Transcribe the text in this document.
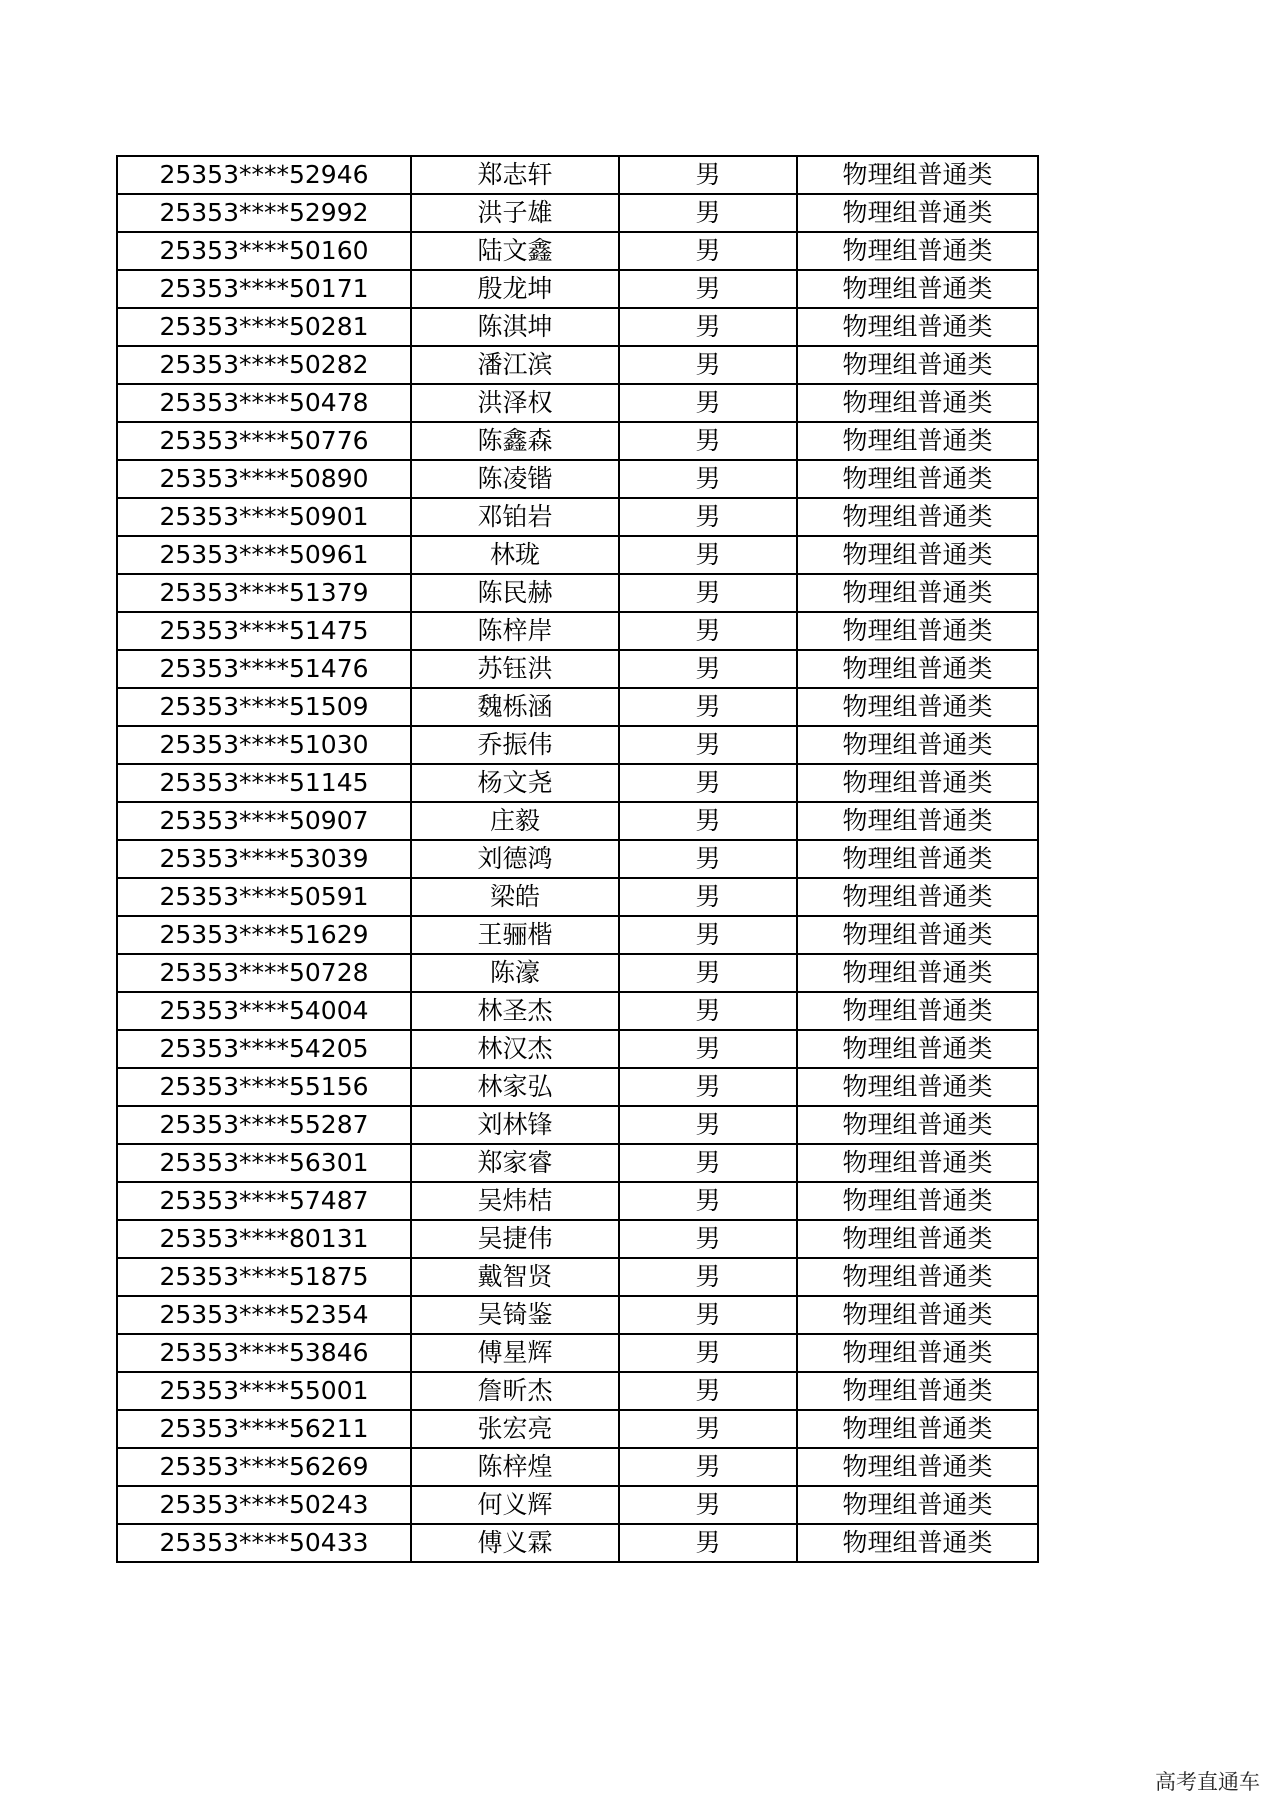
25353****52946	郑志轩	男	物理组普通类
25353****52992	洪子雄	男	物理组普通类
25353****50160	陆文鑫	男	物理组普通类
25353****50171	殷龙坤	男	物理组普通类
25353****50281	陈淇坤	男	物理组普通类
25353****50282	潘江滨	男	物理组普通类
25353****50478	洪泽权	男	物理组普通类
25353****50776	陈鑫森	男	物理组普通类
25353****50890	陈凌锴	男	物理组普通类
25353****50901	邓铂岩	男	物理组普通类
25353****50961	林珑	男	物理组普通类
25353****51379	陈民赫	男	物理组普通类
25353****51475	陈梓岸	男	物理组普通类
25353****51476	苏钰洪	男	物理组普通类
25353****51509	魏栎涵	男	物理组普通类
25353****51030	乔振伟	男	物理组普通类
25353****51145	杨文尧	男	物理组普通类
25353****50907	庄毅	男	物理组普通类
25353****53039	刘德鸿	男	物理组普通类
25353****50591	梁皓	男	物理组普通类
25353****51629	王骊楷	男	物理组普通类
25353****50728	陈濠	男	物理组普通类
25353****54004	林圣杰	男	物理组普通类
25353****54205	林汉杰	男	物理组普通类
25353****55156	林家弘	男	物理组普通类
25353****55287	刘林锋	男	物理组普通类
25353****56301	郑家睿	男	物理组普通类
25353****57487	吴炜桔	男	物理组普通类
25353****80131	吴捷伟	男	物理组普通类
25353****51875	戴智贤	男	物理组普通类
25353****52354	吴锜鉴	男	物理组普通类
25353****53846	傅星辉	男	物理组普通类
25353****55001	詹昕杰	男	物理组普通类
25353****56211	张宏亮	男	物理组普通类
25353****56269	陈梓煌	男	物理组普通类
25353****50243	何义辉	男	物理组普通类
25353****50433	傅义霖	男	物理组普通类
高考直通车
